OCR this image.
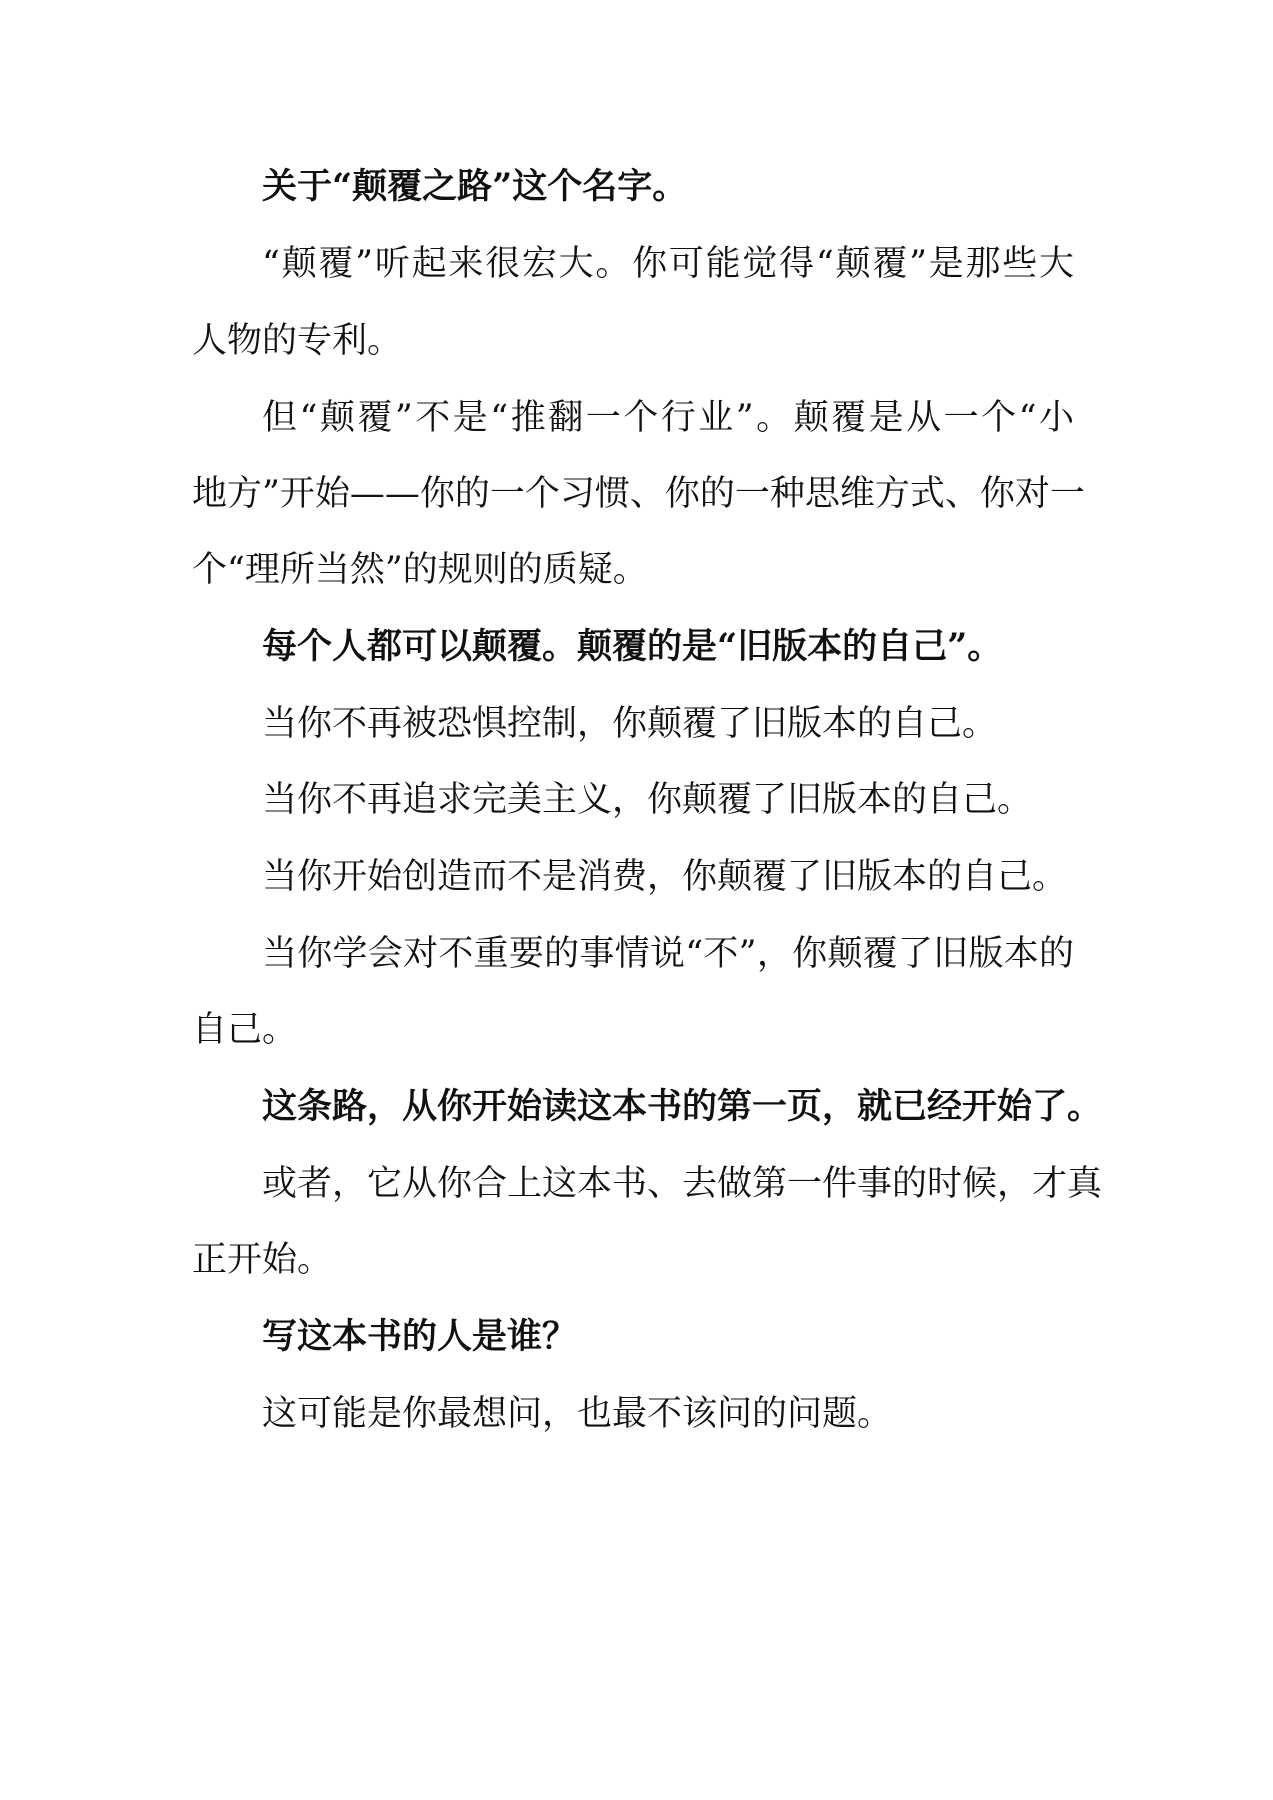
关于“颠覆之路”这个名字。
“颠覆”听起来很宏大。你可能觉得“颠覆”是那些大
人物的专利。
但“颠覆”不是“推翻一个行业”。颠覆是从一个“小
地方”开始——你的一个习惯、你的一种思维方式、你对一
个“理所当然”的规则的质疑。
每个人都可以颠覆。颠覆的是“旧版本的自己”。
当你不再被恐惧控制，你颠覆了旧版本的自己。
当你不再追求完美主义，你颠覆了旧版本的自己。
当你开始创造而不是消费，你颠覆了旧版本的自己。
当你学会对不重要的事情说“不”，你颠覆了旧版本的
自己。
这条路，从你开始读这本书的第一页，就已经开始了。
或者，它从你合上这本书、去做第一件事的时候，才真
正开始。
写这本书的人是谁？
这可能是你最想问，也最不该问的问题。
